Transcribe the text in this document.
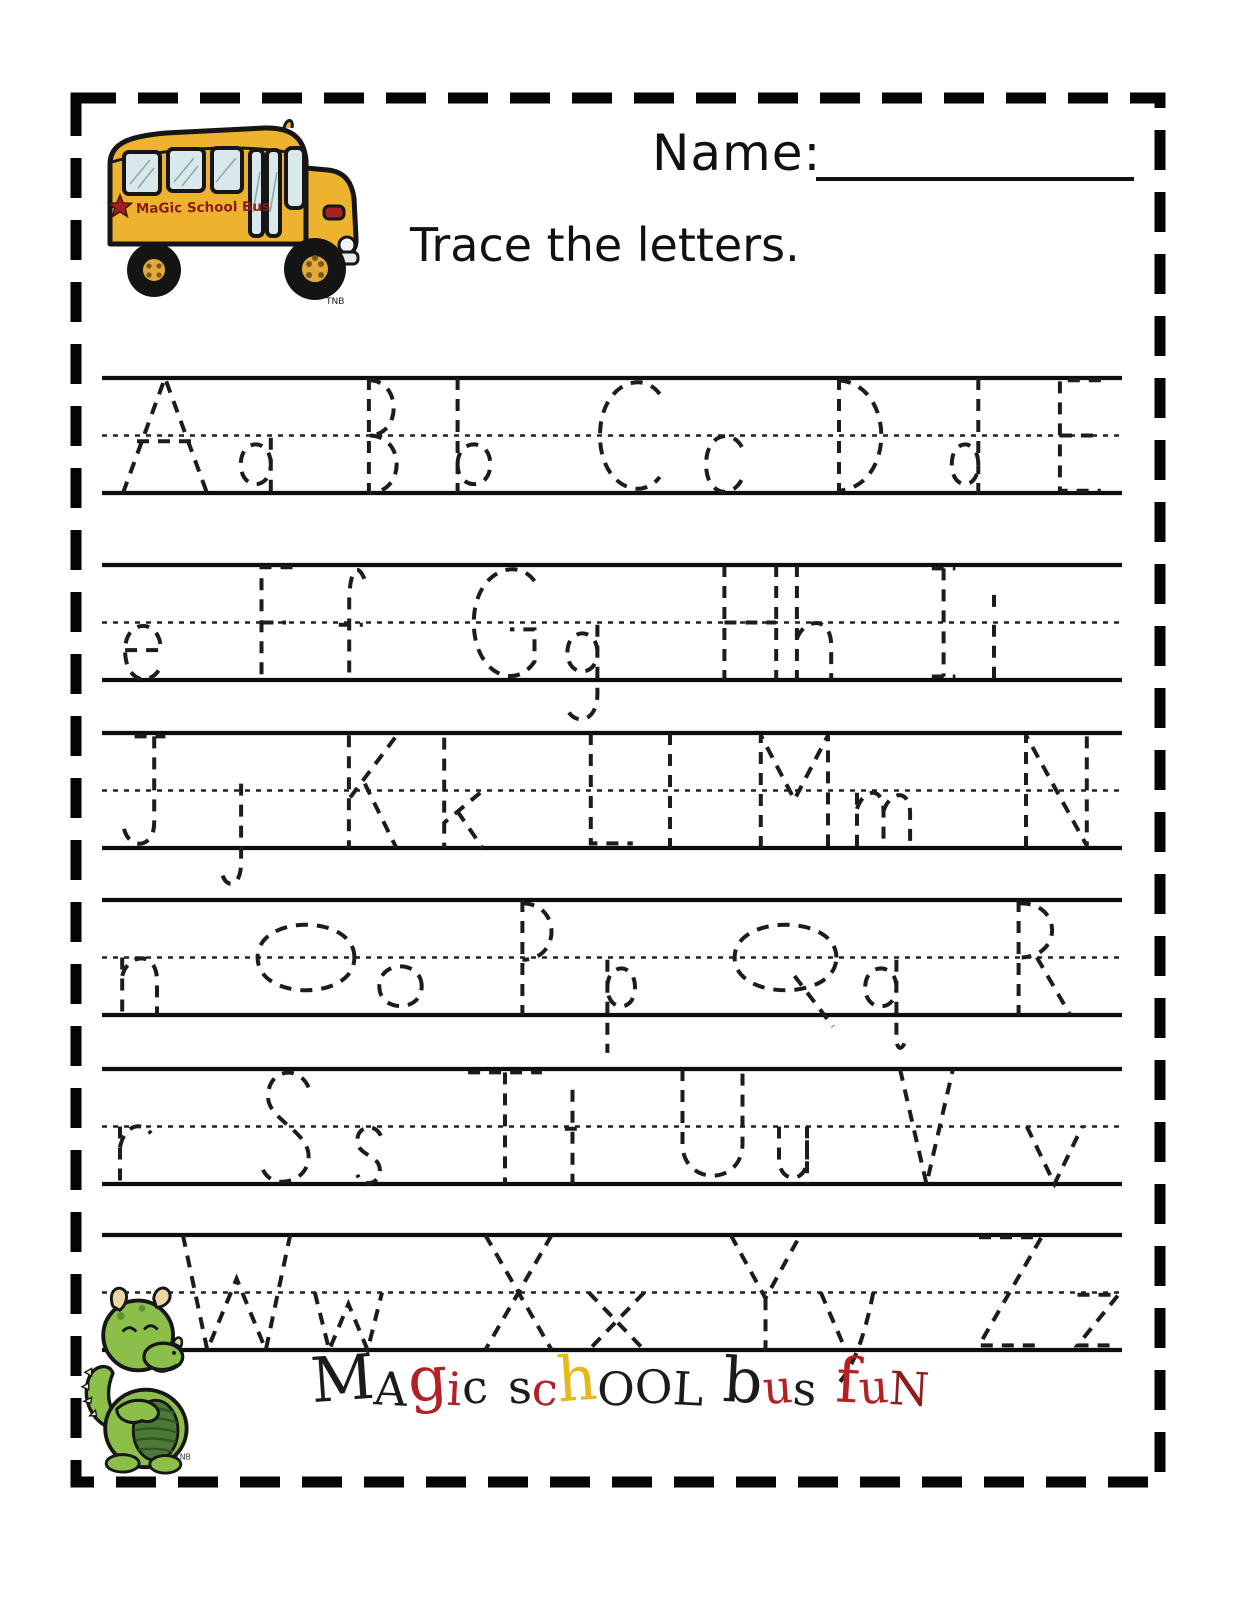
MaGic School Bus
TNB
Name:
Trace the letters.
TNB
M
A
g
i
c s
c
h
O
O
L b
u
s f
u
N
